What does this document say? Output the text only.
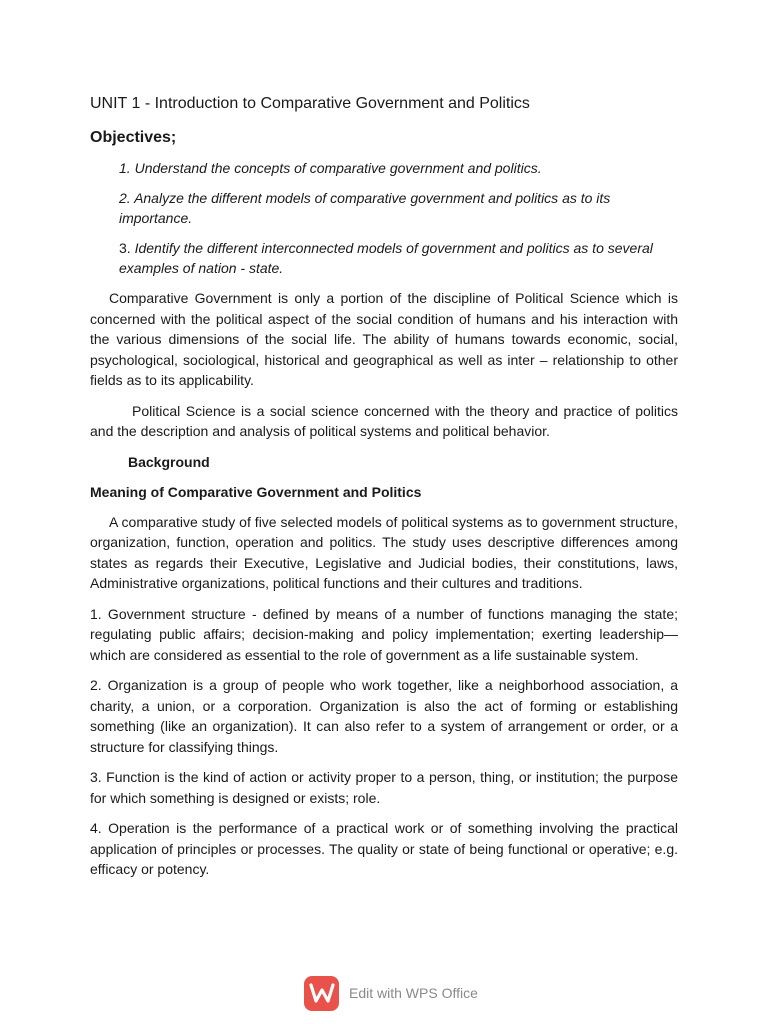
UNIT 1 - Introduction to Comparative Government and Politics
Objectives;
1. Understand the concepts of comparative government and politics.
2. Analyze the different models of comparative government and politics as to its importance.
3. Identify the different interconnected models of government and politics as to several examples of nation - state.

Comparative Government is only a portion of the discipline of Political Science which is concerned with the political aspect of the social condition of humans and his interaction with the various dimensions of the social life. The ability of humans towards economic, social, psychological, sociological, historical and geographical as well as inter – relationship to other fields as to its applicability.

Political Science is a social science concerned with the theory and practice of politics and the description and analysis of political systems and political behavior.

Background
Meaning of Comparative Government and Politics

A comparative study of five selected models of political systems as to government structure, organization, function, operation and politics. The study uses descriptive differences among states as regards their Executive, Legislative and Judicial bodies, their constitutions, laws, Administrative organizations, political functions and their cultures and traditions.

1. Government structure - defined by means of a number of functions managing the state; regulating public affairs; decision-making and policy implementation; exerting leadership—which are considered as essential to the role of government as a life sustainable system.

2. Organization is a group of people who work together, like a neighborhood association, a charity, a union, or a corporation. Organization is also the act of forming or establishing something (like an organization). It can also refer to a system of arrangement or order, or a structure for classifying things.

3. Function is the kind of action or activity proper to a person, thing, or institution; the purpose for which something is designed or exists; role.

4. Operation is the performance of a practical work or of something involving the practical application of principles or processes. The quality or state of being functional or operative; e.g. efficacy or potency.

Edit with WPS Office
